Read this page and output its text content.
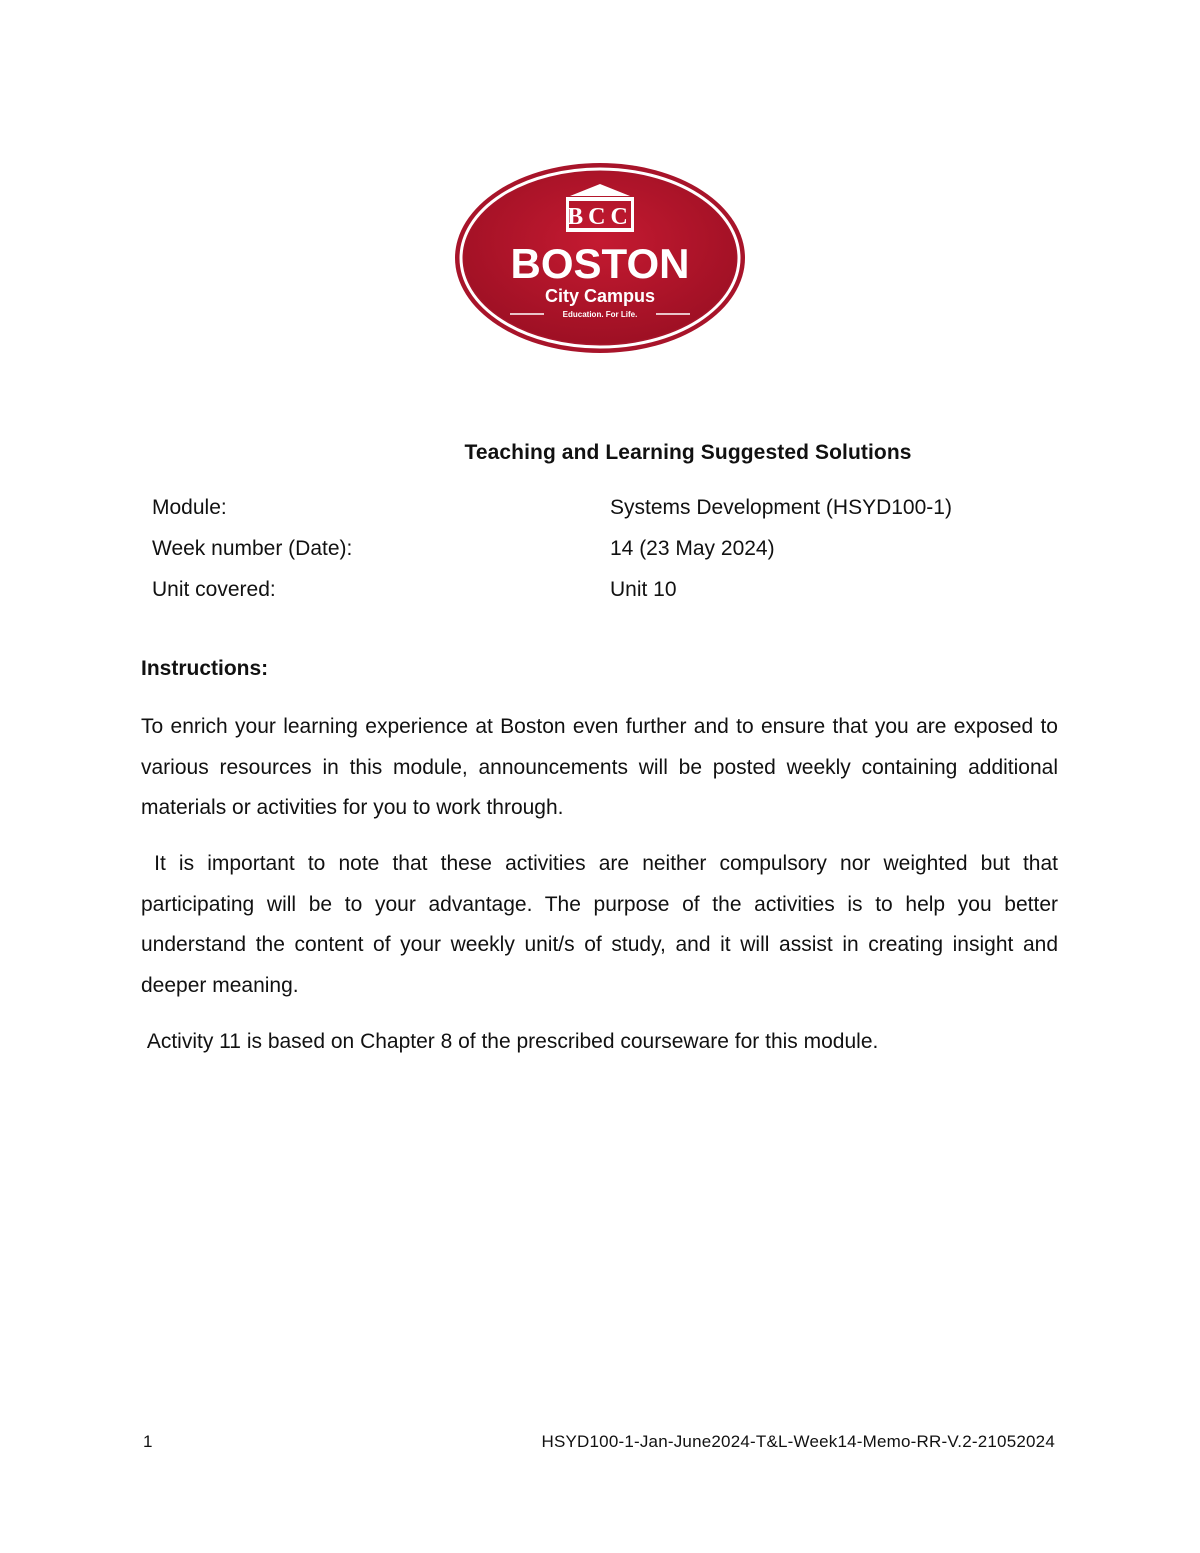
BCC
BOSTON
City Campus
Education. For Life.
Teaching and Learning Suggested Solutions
Module:	Systems Development (HSYD100-1)
Week number (Date):	14 (23 May 2024)
Unit covered:	Unit 10
Instructions:
To enrich your learning experience at Boston even further and to ensure that you are exposed to various resources in this module, announcements will be posted weekly containing additional materials or activities for you to work through.
It is important to note that these activities are neither compulsory nor weighted but that participating will be to your advantage. The purpose of the activities is to help you better understand the content of your weekly unit/s of study, and it will assist in creating insight and deeper meaning.
Activity 11 is based on Chapter 8 of the prescribed courseware for this module.
1	HSYD100-1-Jan-June2024-T&L-Week14-Memo-RR-V.2-21052024
